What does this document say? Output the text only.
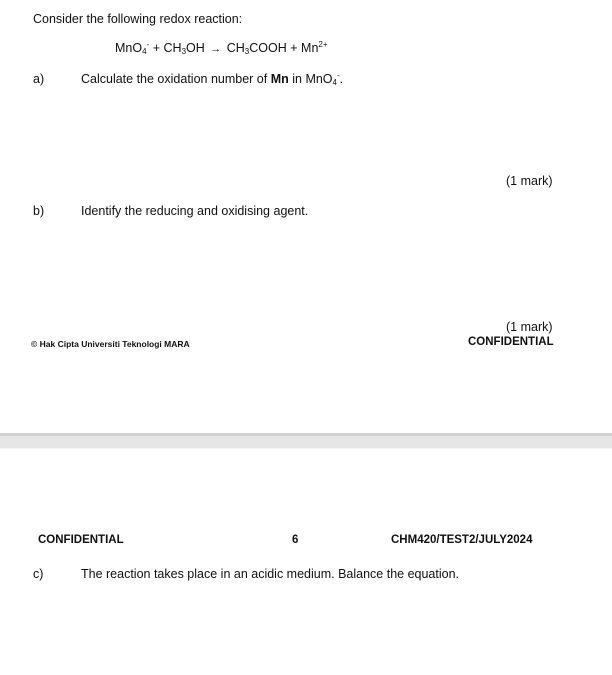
Consider the following redox reaction:
$MnO_4^- + CH_3OH$ → $CH_3COOH + Mn^{2+}$
a)	Calculate the oxidation number of Mn in MnO$_4$-.
(1 mark)
b)	Identify the reducing and oxidising agent.
(1 mark)
© Hak Cipta Universiti Teknologi MARA	CONFIDENTIAL
CONFIDENTIAL	6	CHM420/TEST2/JULY2024
c)	The reaction takes place in an acidic medium. Balance the equation.
